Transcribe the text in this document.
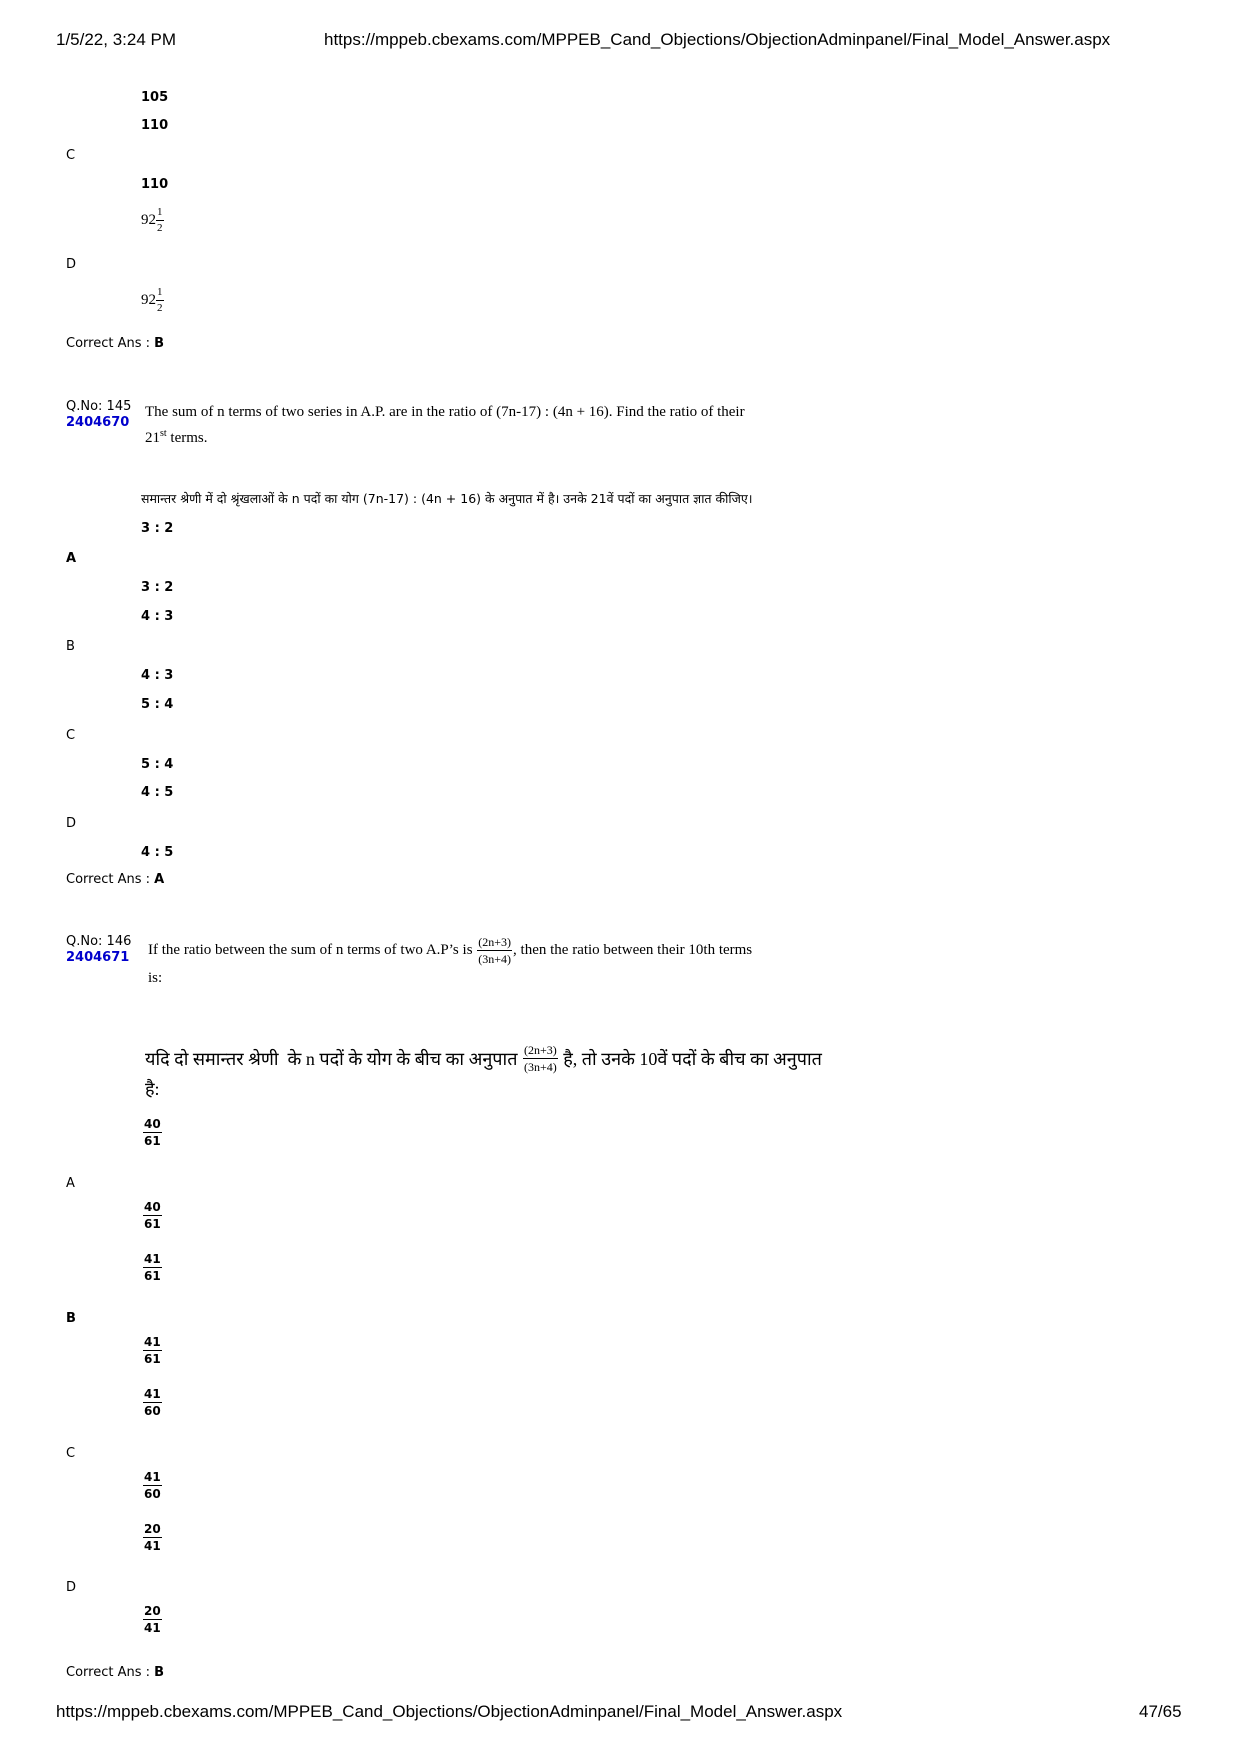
1/5/22, 3:24 PM	https://mppeb.cbexams.com/MPPEB_Cand_Objections/ObjectionAdminpanel/Final_Model_Answer.aspx
105
110
C
110
$92 \frac{1}{2}$
D
$92 \frac{1}{2}$
Correct Ans : B
Q.No: 145
2404670
The sum of n terms of two series in A.P. are in the ratio of (7n-17) : (4n + 16). Find the ratio of their
21st terms.
समान्तर श्रेणी में दो श्रृंखलाओं के n पदों का योग (7n-17) : (4n + 16) के अनुपात में है। उनके 21वें पदों का अनुपात ज्ञात कीजिए।
3 : 2
A
3 : 2
4 : 3
B
4 : 3
5 : 4
C
5 : 4
4 : 5
D
4 : 5
Correct Ans : A
Q.No: 146
2404671 If the ratio between the sum of n terms of two A.P’s is $\frac{(2n+3)}{(3n+4)}$ , then the ratio between their 10th terms
is:
यदि दो समान्तर श्रेणी  के n पदों के योग के बीच का अनुपात $\frac{(2n+3)}{(3n+4)}$ है, तो उनके 10वें पदों के बीच का अनुपात
है:
$\frac{40}{61}$
A
$\frac{40}{61}$
$\frac{41}{61}$
B
$\frac{41}{61}$
$\frac{41}{60}$
C
$\frac{41}{60}$
$\frac{20}{41}$
D
$\frac{20}{41}$
Correct Ans : B
https://mppeb.cbexams.com/MPPEB_Cand_Objections/ObjectionAdminpanel/Final_Model_Answer.aspx	47/65
